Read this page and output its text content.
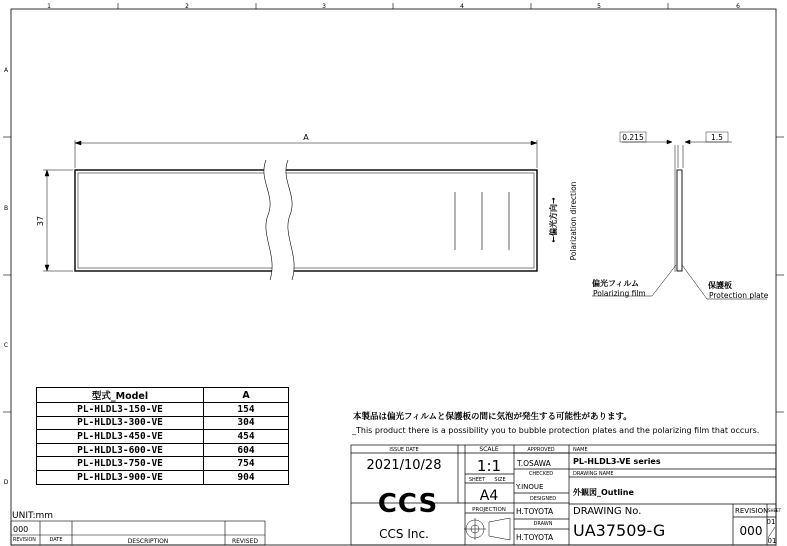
1	2	3	4	5	6
A
B
C
D
A
37	←偏光方向→ Polarization direction
0.215	1.5
偏光フィルム
Polarizing film
保護板
Protection plate
000
REVISION	DATE	DESCRIPTION	REVISED
UNIT:mm
ISSUE DATE
2021/10/28
SCALE
1:1
SHEET SIZE
A4
PROJECTION
APPROVED
T.OSAWA
CHECKED
Y.INOUE
DESIGNED
H.TOYOTA
DRAWN
H.TOYOTA
NAME
PL-HLDL3-VE series
DRAWING NAME
外観図_Outline
DRAWING No.
UA37509-G
REVISION
000
SHEET
01
01
CCS
CCS Inc.
本製品は偏光フィルムと保護板の間に気泡が発生する可能性があります。
_This product there is a possibility you to bubble protection plates and the polarizing film that occurs.
型式_Model	A
PL-HLDL3-150-VE	154
PL-HLDL3-300-VE	304
PL-HLDL3-450-VE	454
PL-HLDL3-600-VE	604
PL-HLDL3-750-VE	754
PL-HLDL3-900-VE	904
